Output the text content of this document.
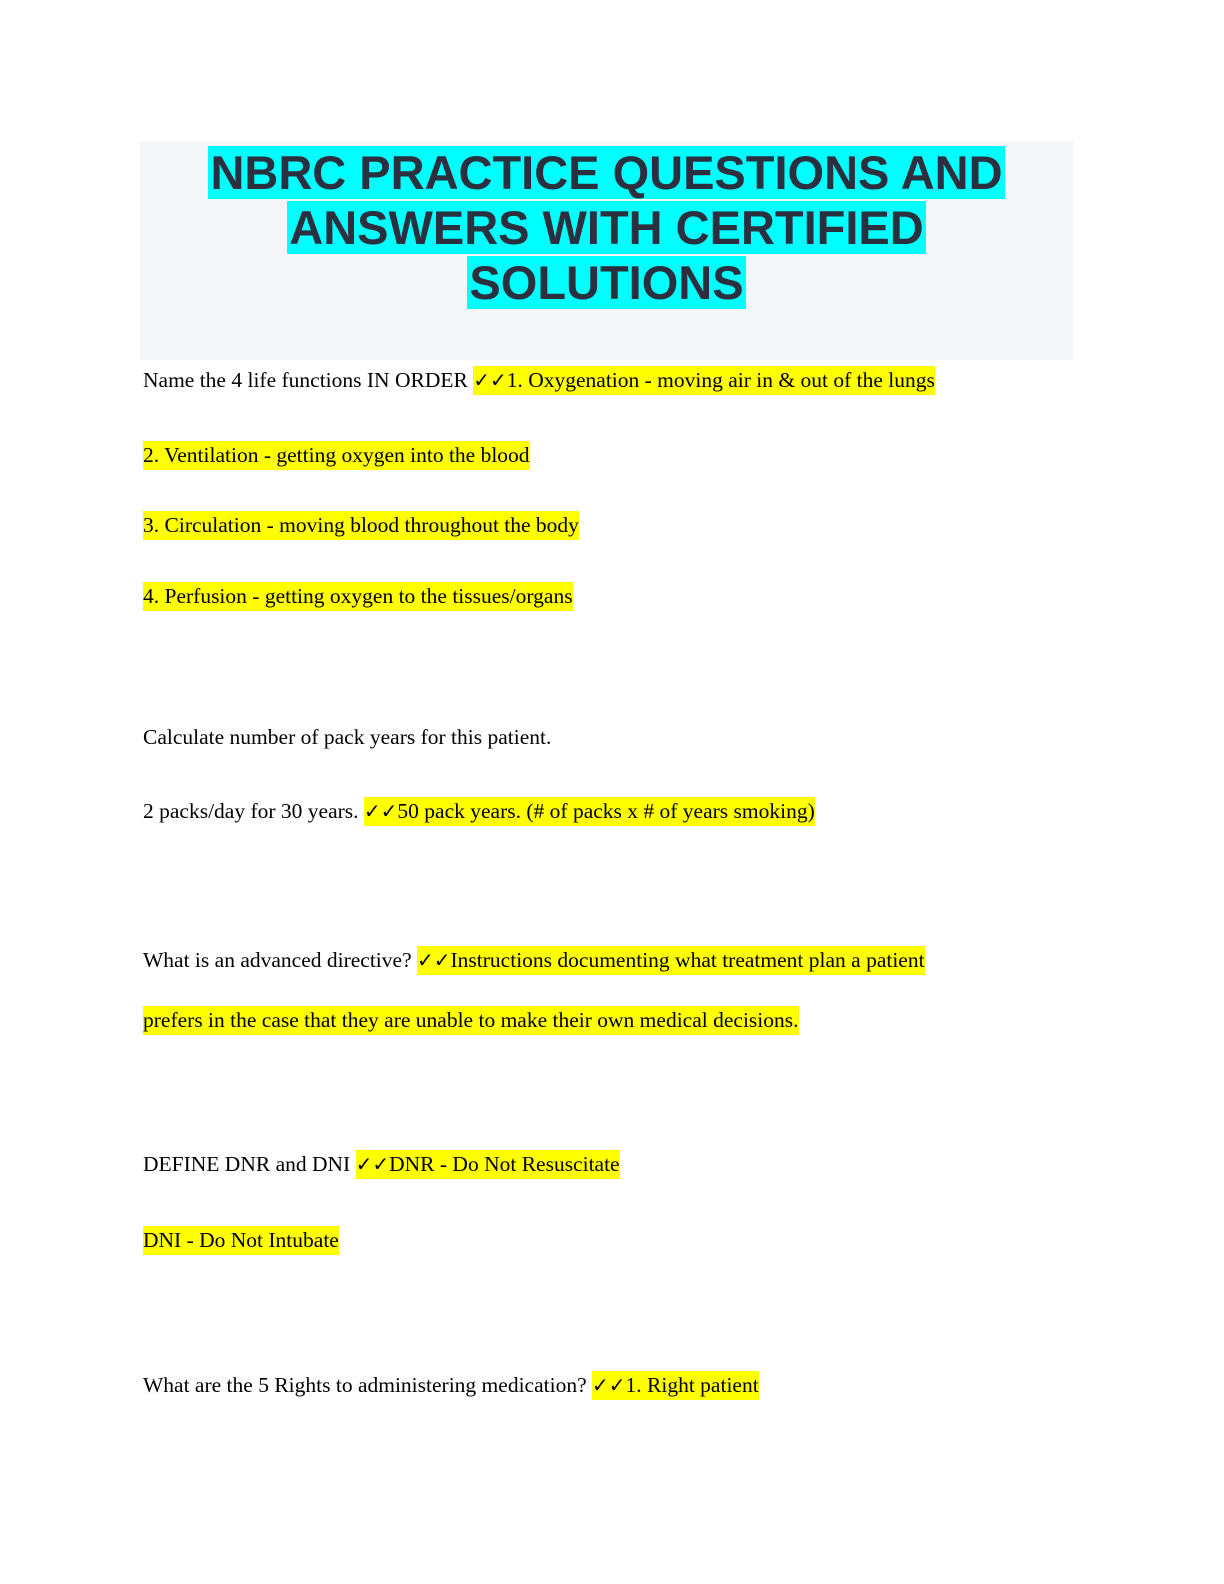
NBRC PRACTICE QUESTIONS AND
ANSWERS WITH CERTIFIED
SOLUTIONS
Name the 4 life functions IN ORDER ✓✓1. Oxygenation - moving air in & out of the lungs
2. Ventilation - getting oxygen into the blood
3. Circulation - moving blood throughout the body
4. Perfusion - getting oxygen to the tissues/organs
Calculate number of pack years for this patient.
2 packs/day for 30 years. ✓✓50 pack years. (# of packs x # of years smoking)
What is an advanced directive? ✓✓Instructions documenting what treatment plan a patient
prefers in the case that they are unable to make their own medical decisions.
DEFINE DNR and DNI ✓✓DNR - Do Not Resuscitate
DNI - Do Not Intubate
What are the 5 Rights to administering medication? ✓✓1. Right patient
